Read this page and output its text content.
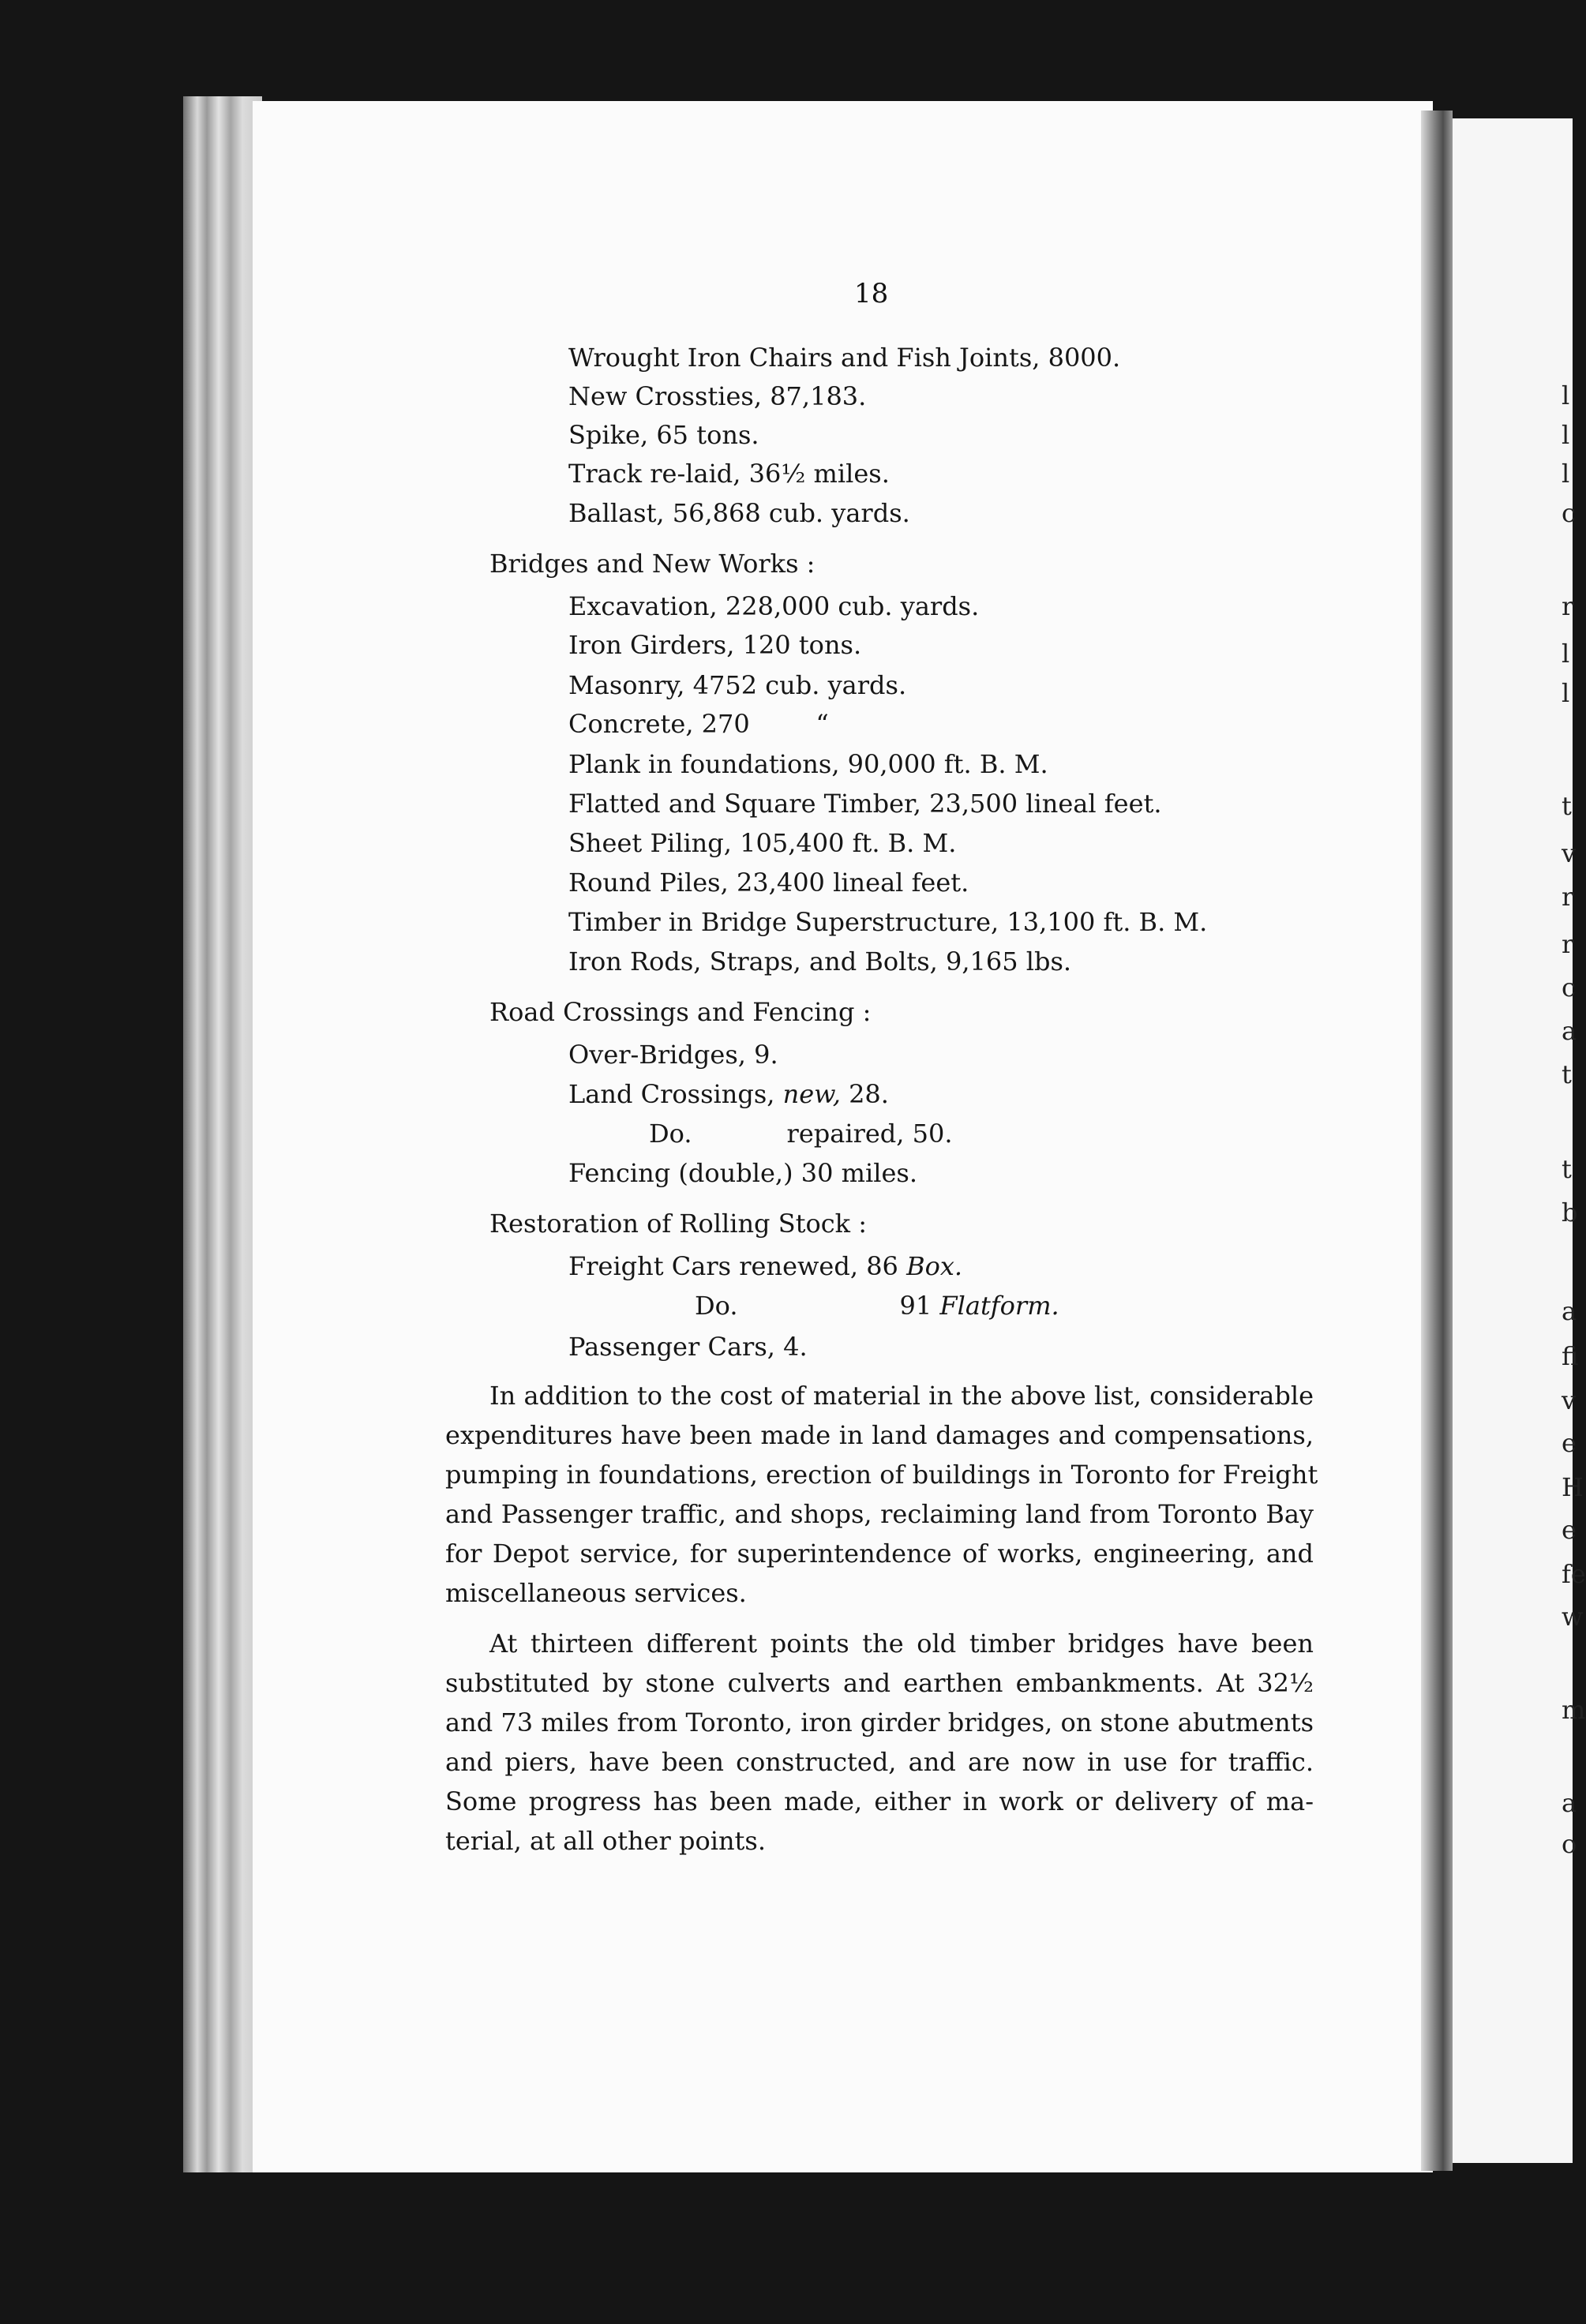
l
l
l
c
r
l
l
t
v
r
r
c
a
t
t
b
a
fi
v
e
H
e
fe
w
m
a
o
18
Wrought Iron Chairs and Fish Joints, 8000.
New Crossties, 87,183.
Spike, 65 tons.
Track re-laid, 36½ miles.
Ballast, 56,868 cub. yards.
Bridges and New Works :
Excavation, 228,000 cub. yards.
Iron Girders, 120 tons.
Masonry, 4752 cub. yards.
Concrete, 270	“
Plank in foundations, 90,000 ft. B. M.
Flatted and Square Timber, 23,500 lineal feet.
Sheet Piling, 105,400 ft. B. M.
Round Piles, 23,400 lineal feet.
Timber in Bridge Superstructure, 13,100 ft. B. M.
Iron Rods, Straps, and Bolts, 9,165 lbs.
Road Crossings and Fencing :
Over-Bridges, 9.
Land Crossings, new, 28.
Do.	repaired, 50.
Fencing (double,) 30 miles.
Restoration of Rolling Stock :
Freight Cars renewed, 86 Box.
Do.	91 Flatform.
Passenger Cars, 4.
In addition to the cost of material in the above list, considerable
expenditures have been made in land damages and compensations,
pumping in foundations, erection of buildings in Toronto for Freight
and Passenger traffic, and shops, reclaiming land from Toronto Bay
for Depot service, for superintendence of works, engineering, and
miscellaneous services.
At thirteen different points the old timber bridges have been
substituted by stone culverts and earthen embankments. At 32½
and 73 miles from Toronto, iron girder bridges, on stone abutments
and piers, have been constructed, and are now in use for traffic.
Some progress has been made, either in work or delivery of ma-
terial, at all other points.
